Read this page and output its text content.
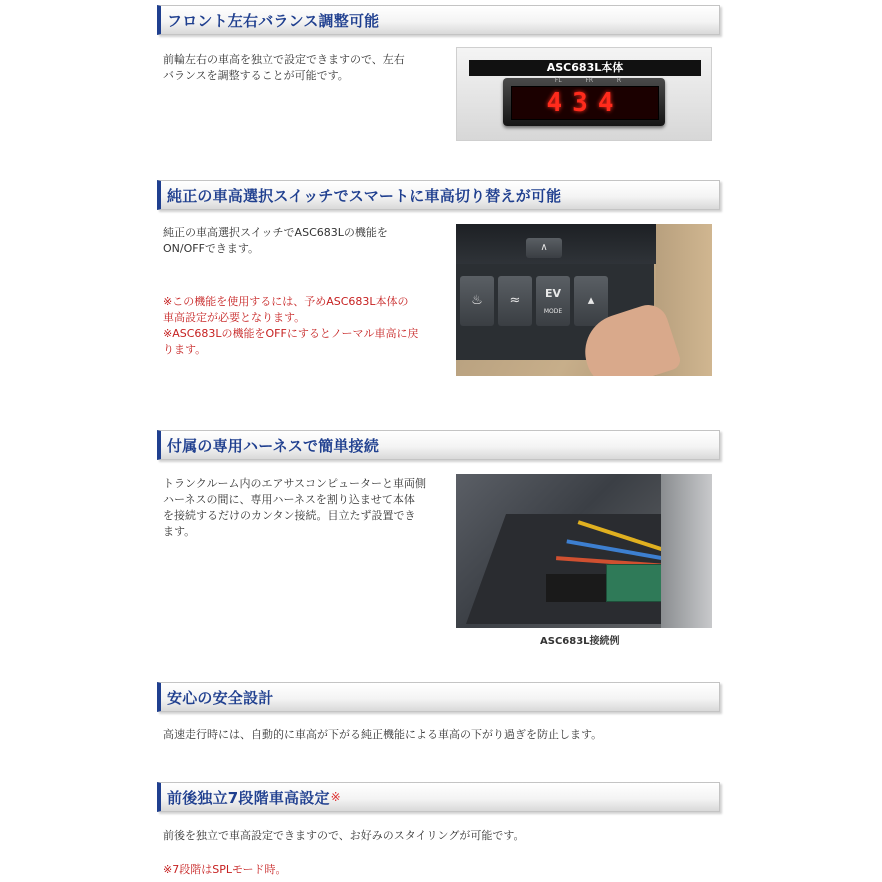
フロント左右バランス調整可能

前輪左右の車高を独立で設定できますので、左右
バランスを調整することが可能です。

ASC683L本体
FL	FR	R
434
純正の車高選択スイッチでスマートに車高切り替えが可能

純正の車高選択スイッチでASC683Lの機能を
ON/OFFできます。

※この機能を使用するには、予めASC683L本体の
車高設定が必要となります。
※ASC683Lの機能をOFFにするとノーマル車高に戻
ります。

♨	≈	EV
MODE
▴
∧
付属の専用ハーネスで簡単接続

トランクルーム内のエアサスコンピューターと車両側
ハーネスの間に、専用ハーネスを割り込ませて本体
を接続するだけのカンタン接続。目立たず設置でき
ます。

ASC683L接続例
安心の安全設計

高速走行時には、自動的に車高が下がる純正機能による車高の下がり過ぎを防止します。

前後独立7段階車高設定 ※

前後を独立で車高設定できますので、お好みのスタイリングが可能です。

※7段階はSPLモード時。
